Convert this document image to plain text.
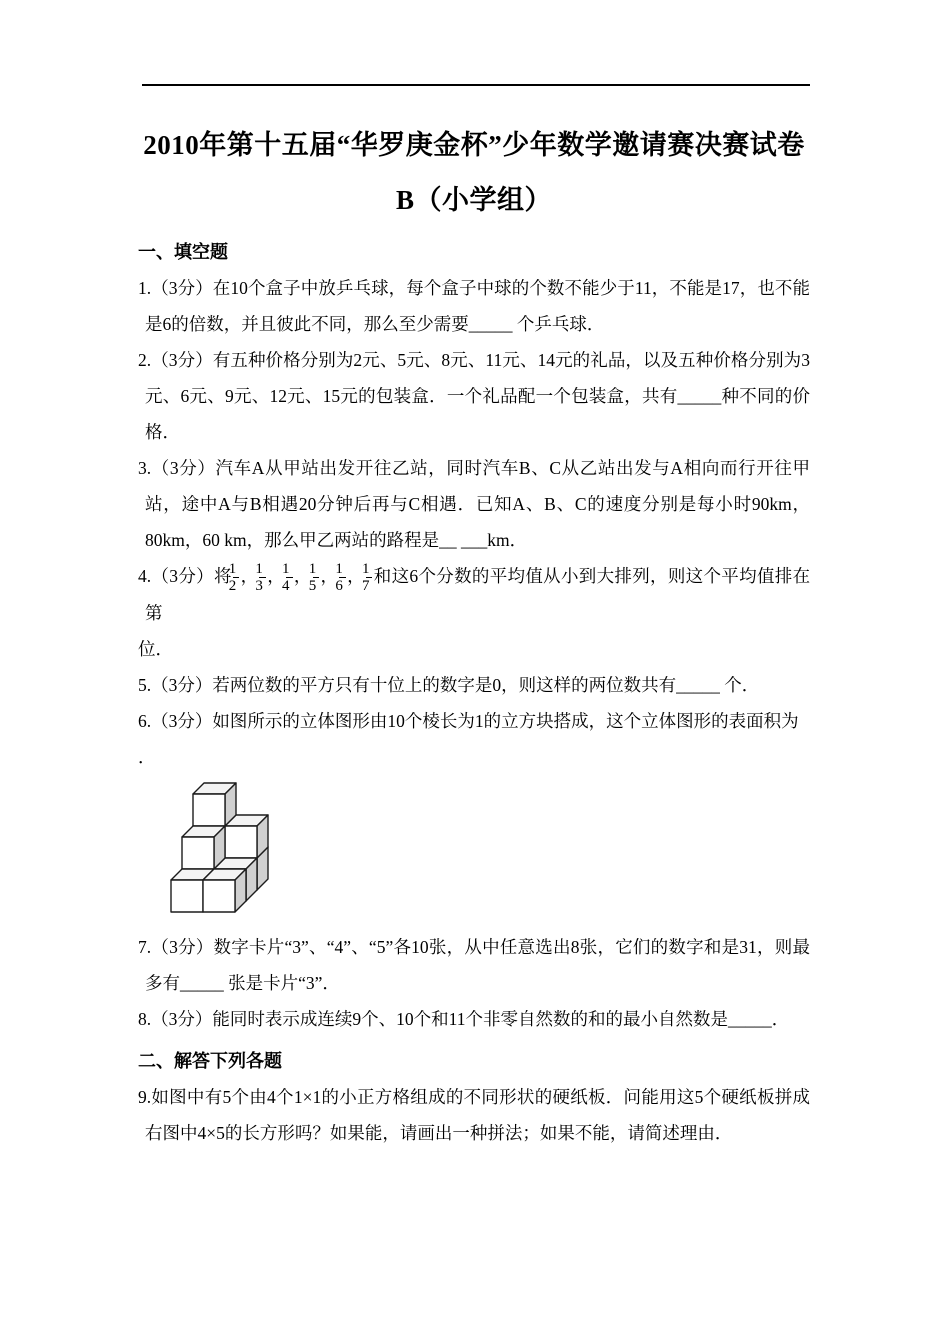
2010年第十五届“华罗庚金杯”少年数学邀请赛决赛试卷B（小学组）
一、填空题

1.（3分）在10个盒子中放乒乓球，每个盒子中球的个数不能少于11，不能是17，也不能是6的倍数，并且彼此不同，那么至少需要_____ 个乒乓球．

2.（3分）有五种价格分别为2元、5元、8元、11元、14元的礼品，以及五种价格分别为3元、6元、9元、12元、15元的包装盒．一个礼品配一个包装盒，共有_____种不同的价格．

3.（3分）汽车A从甲站出发开往乙站，同时汽车B、C从乙站出发与A相向而行开往甲站，途中A与B相遇20分钟后再与C相遇．已知A、B、C的速度分别是每小时90km，80km，60 km，那么甲乙两站的路程是__ ___km．

4.（3分）将 $\frac{1}{2}$ ， $\frac{1}{3}$ ， $\frac{1}{4}$ ， $\frac{1}{5}$ ， $\frac{1}{6}$ ， $\frac{1}{7}$ 和这6个分数的平均值从小到大排列，则这个平均值排在第

位．

5.（3分）若两位数的平方只有十位上的数字是0，则这样的两位数共有_____ 个．

6.（3分）如图所示的立体图形由10个棱长为1的立方块搭成，这个立体图形的表面积为

．

7.（3分）数字卡片“3”、“4”、“5”各10张，从中任意选出8张，它们的数字和是31，则最多有_____ 张是卡片“3”．

8.（3分）能同时表示成连续9个、10个和11个非零自然数的和的最小自然数是_____．

二、解答下列各题

9.如图中有5个由4个1×1的小正方格组成的不同形状的硬纸板．问能用这5个硬纸板拼成右图中4×5的长方形吗？如果能，请画出一种拼法；如果不能，请简述理由．
